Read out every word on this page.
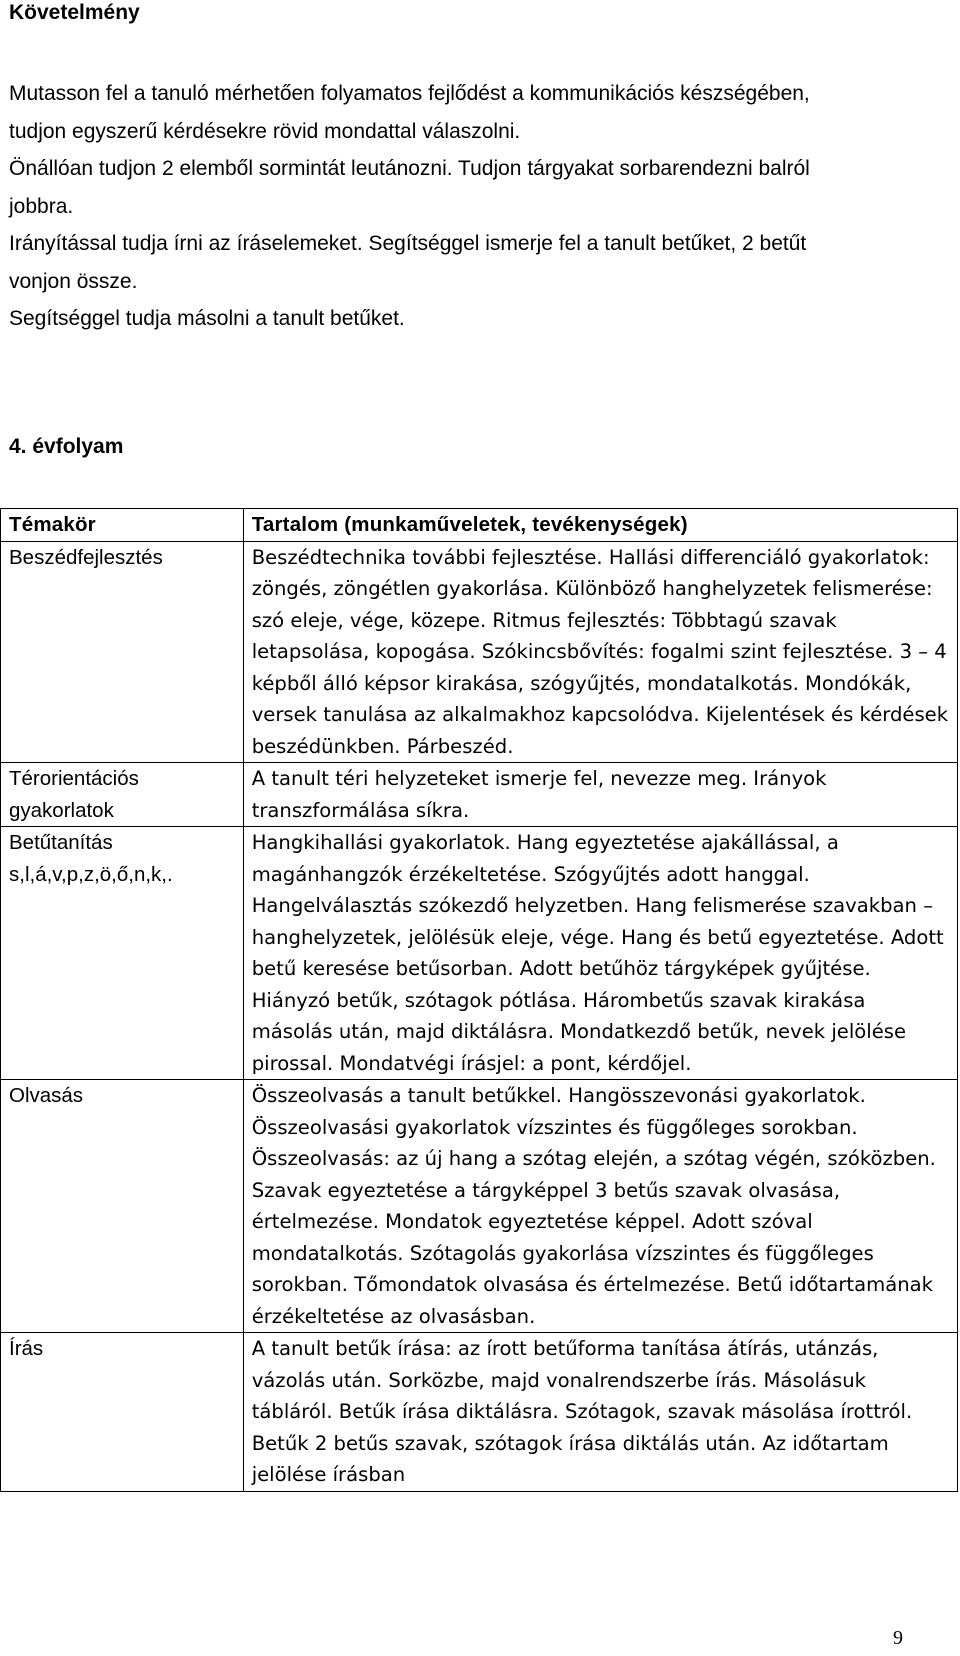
Követelmény

Mutasson fel a tanuló mérhetően folyamatos fejlődést a kommunikációs készségében,

tudjon egyszerű kérdésekre rövid mondattal válaszolni.

Önállóan tudjon 2 elemből sormintát leutánozni. Tudjon tárgyakat sorbarendezni balról

jobbra.

Irányítással tudja írni az íráselemeket. Segítséggel ismerje fel a tanult betűket, 2 betűt

vonjon össze.

Segítséggel tudja másolni a tanult betűket.

4. évfolyam
Témakör	Tartalom (munkaműveletek, tevékenységek)
Beszédfejlesztés	Beszédtechnika további fejlesztése. Hallási differenciáló gyakorlatok: zöngés, zöngétlen gyakorlása. Különböző hanghelyzetek felismerése: szó eleje, vége, közepe. Ritmus fejlesztés: Többtagú szavak letapsolása, kopogása. Szókincsbővítés: fogalmi szint fejlesztése. 3 – 4 képből álló képsor kirakása, szógyűjtés, mondatalkotás. Mondókák, versek tanulása az alkalmakhoz kapcsolódva. Kijelentések és kérdések beszédünkben. Párbeszéd.
Térorientációs gyakorlatok	A tanult téri helyzeteket ismerje fel, nevezze meg. Irányok transzformálása síkra.
Betűtanítás s,l,á,v,p,z,ö,ő,n,k,.	Hangkihallási gyakorlatok. Hang egyeztetése ajakállással, a magánhangzók érzékeltetése. Szógyűjtés adott hanggal. Hangelválasztás szókezdő helyzetben. Hang felismerése szavakban – hanghelyzetek, jelölésük eleje, vége. Hang és betű egyeztetése. Adott betű keresése betűsorban. Adott betűhöz tárgyképek gyűjtése. Hiányzó betűk, szótagok pótlása. Hárombetűs szavak kirakása másolás után, majd diktálásra. Mondatkezdő betűk, nevek jelölése pirossal. Mondatvégi írásjel: a pont, kérdőjel.
Olvasás	Összeolvasás a tanult betűkkel. Hangösszevonási gyakorlatok. Összeolvasási gyakorlatok vízszintes és függőleges sorokban. Összeolvasás: az új hang a szótag elején, a szótag végén, szóközben. Szavak egyeztetése a tárgyképpel 3 betűs szavak olvasása, értelmezése. Mondatok egyeztetése képpel. Adott szóval mondatalkotás. Szótagolás gyakorlása vízszintes és függőleges sorokban. Tőmondatok olvasása és értelmezése. Betű időtartamának érzékeltetése az olvasásban.
Írás	A tanult betűk írása: az írott betűforma tanítása átírás, utánzás, vázolás után. Sorközbe, majd vonalrendszerbe írás. Másolásuk tábláról. Betűk írása diktálásra. Szótagok, szavak másolása írottról. Betűk 2 betűs szavak, szótagok írása diktálás után. Az időtartam jelölése írásban
9
